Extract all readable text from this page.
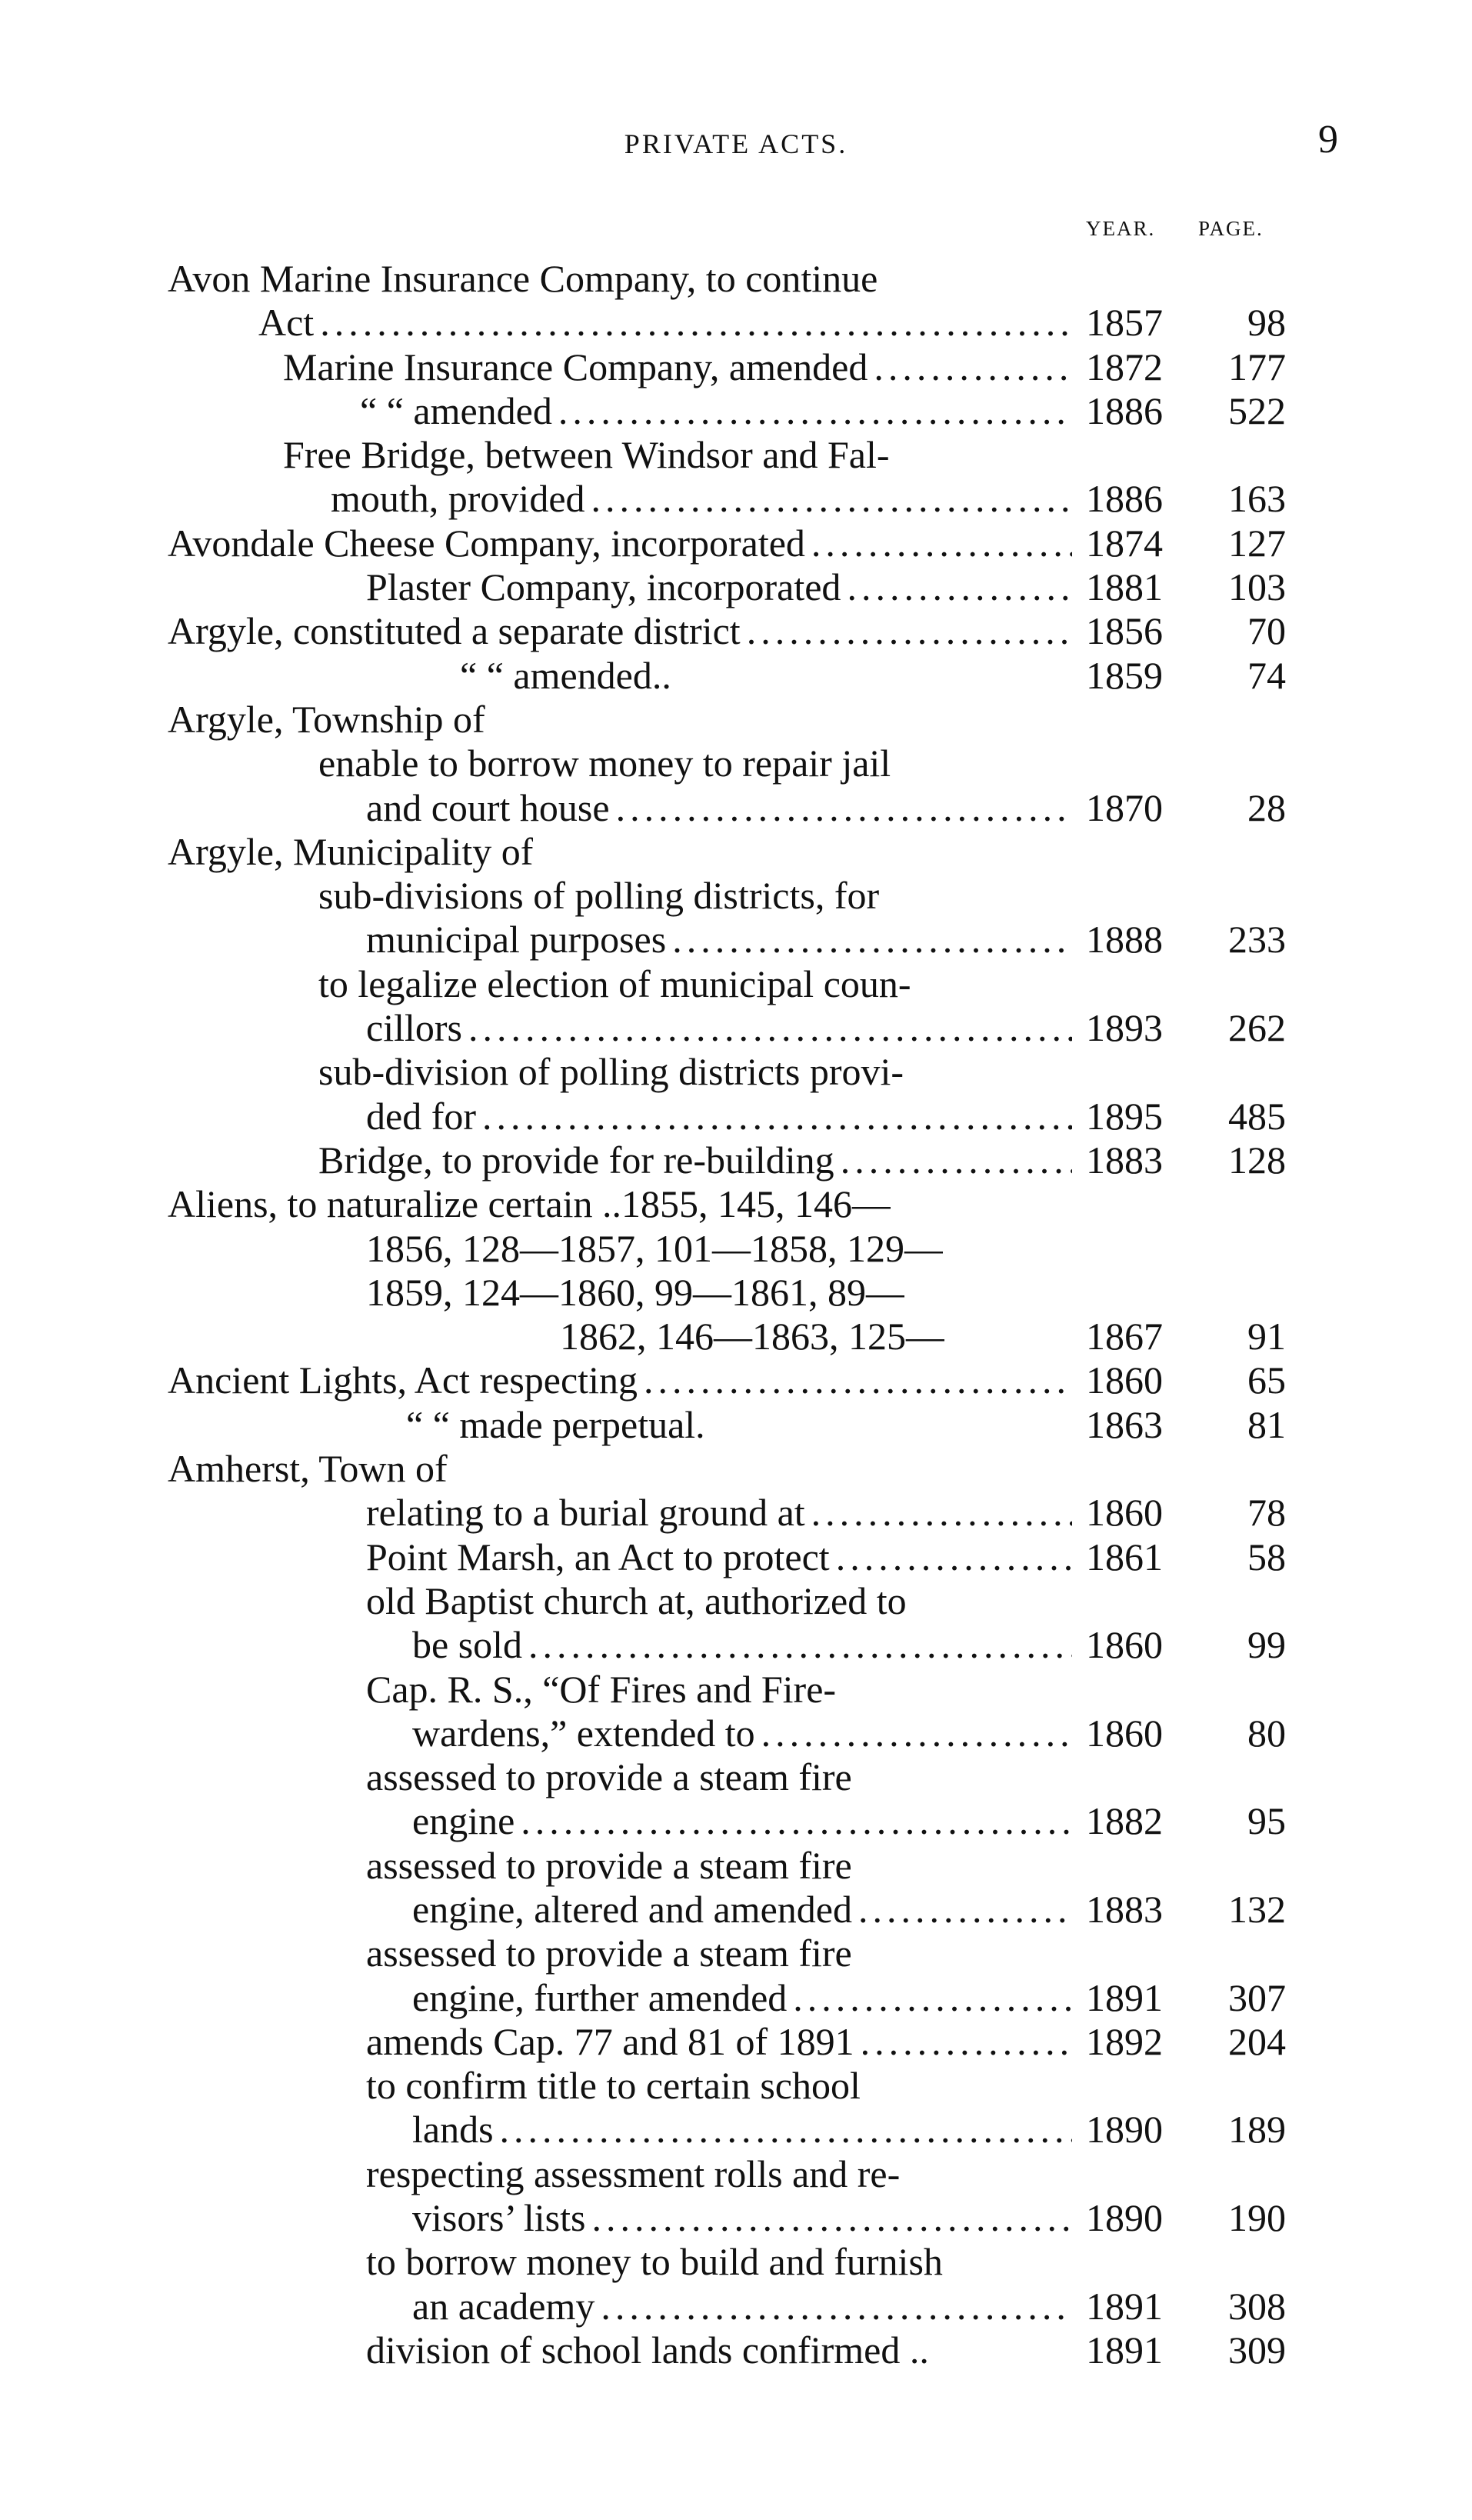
PRIVATE ACTS.	9
YEAR. PAGE.
Avon Marine Insurance Company, to continue
Act .....	1857	98
Marine Insurance Company, amended .....	1872	177
“ “ amended .....	1886	522
Free Bridge, between Windsor and Fal-
mouth, provided .....	1886	163
Avondale Cheese Company, incorporated .....	1874	127
Plaster Company, incorporated .....	1881	103
Argyle, constituted a separate district .....	1856	70
“ “ amended..	1859	74
Argyle, Township of
enable to borrow money to repair jail
and court house .....	1870	28
Argyle, Municipality of
sub-divisions of polling districts, for
municipal purposes .....	1888	233
to legalize election of municipal coun-
cillors .....	1893	262
sub-division of polling districts provi-
ded for .....	1895	485
Bridge, to provide for re-building .....	1883	128
Aliens, to naturalize certain ..1855, 145, 146—
1856, 128—1857, 101—1858, 129—
1859, 124—1860, 99—1861, 89—
1862, 146—1863, 125—	1867	91
Ancient Lights, Act respecting .....	1860	65
“ “ made perpetual.	1863	81
Amherst, Town of
relating to a burial ground at .....	1860	78
Point Marsh, an Act to protect .....	1861	58
old Baptist church at, authorized to
be sold .....	1860	99
Cap. R. S., “Of Fires and Fire-
wardens,” extended to .....	1860	80
assessed to provide a steam fire
engine .....	1882	95
assessed to provide a steam fire
engine, altered and amended .....	1883	132
assessed to provide a steam fire
engine, further amended .....	1891	307
amends Cap. 77 and 81 of 1891 .....	1892	204
to confirm title to certain school
lands .....	1890	189
respecting assessment rolls and re-
visors’ lists .....	1890	190
to borrow money to build and furnish
an academy .....	1891	308
division of school lands confirmed ..	1891	309
